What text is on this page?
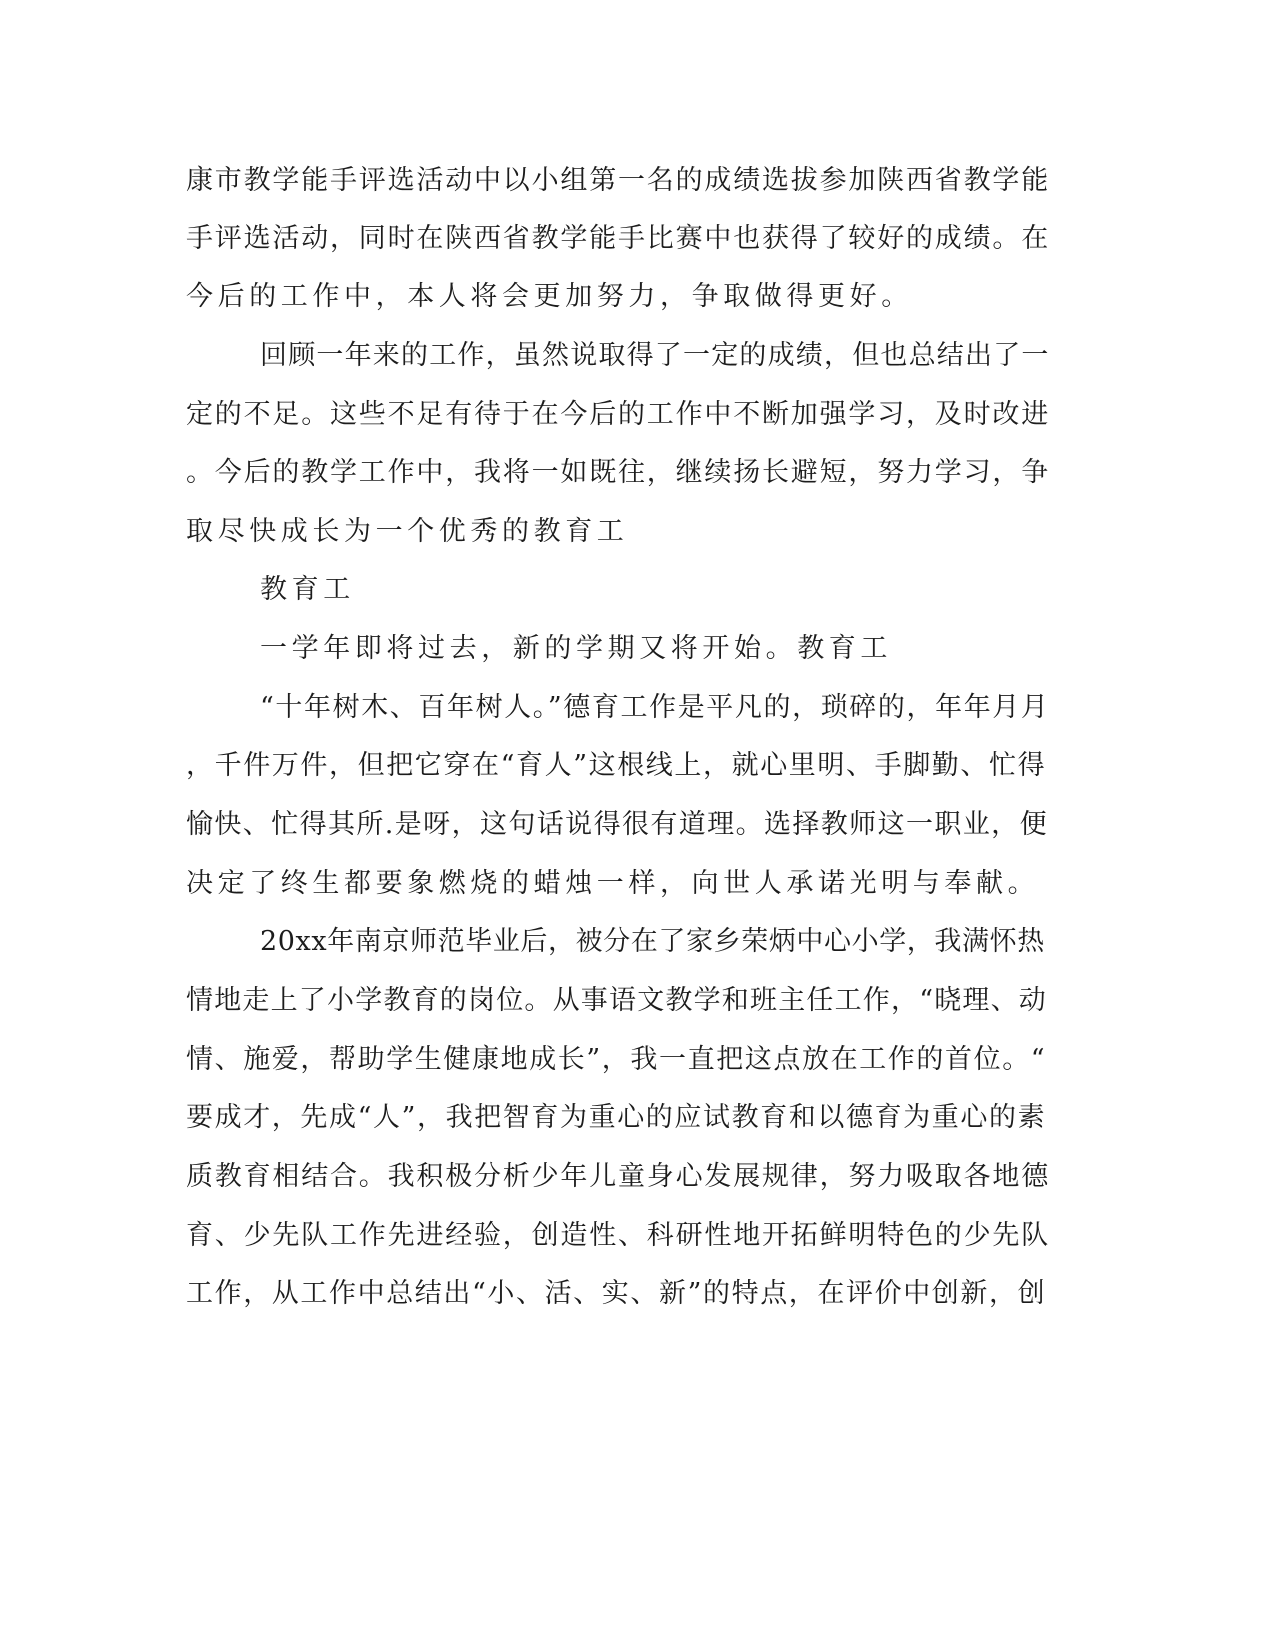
康市教学能手评选活动中以小组第一名的成绩选拔参加陕西省教学能
手评选活动，同时在陕西省教学能手比赛中也获得了较好的成绩。在
今后的工作中，本人将会更加努力，争取做得更好。
回顾一年来的工作，虽然说取得了一定的成绩，但也总结出了一
定的不足。这些不足有待于在今后的工作中不断加强学习，及时改进
。今后的教学工作中，我将一如既往，继续扬长避短，努力学习，争
取尽快成长为一个优秀的教育工
教育工
一学年即将过去，新的学期又将开始。教育工
“十年树木、百年树人。”德育工作是平凡的，琐碎的，年年月月
，千件万件，但把它穿在“育人”这根线上，就心里明、手脚勤、忙得
愉快、忙得其所.是呀，这句话说得很有道理。选择教师这一职业，便
决定了终生都要象燃烧的蜡烛一样，向世人承诺光明与奉献。
20xx年南京师范毕业后，被分在了家乡荣炳中心小学，我满怀热
情地走上了小学教育的岗位。从事语文教学和班主任工作，“晓理、动
情、施爱，帮助学生健康地成长”，我一直把这点放在工作的首位。“
要成才，先成“人”，我把智育为重心的应试教育和以德育为重心的素
质教育相结合。我积极分析少年儿童身心发展规律，努力吸取各地德
育、少先队工作先进经验，创造性、科研性地开拓鲜明特色的少先队
工作，从工作中总结出“小、活、实、新”的特点，在评价中创新，创
